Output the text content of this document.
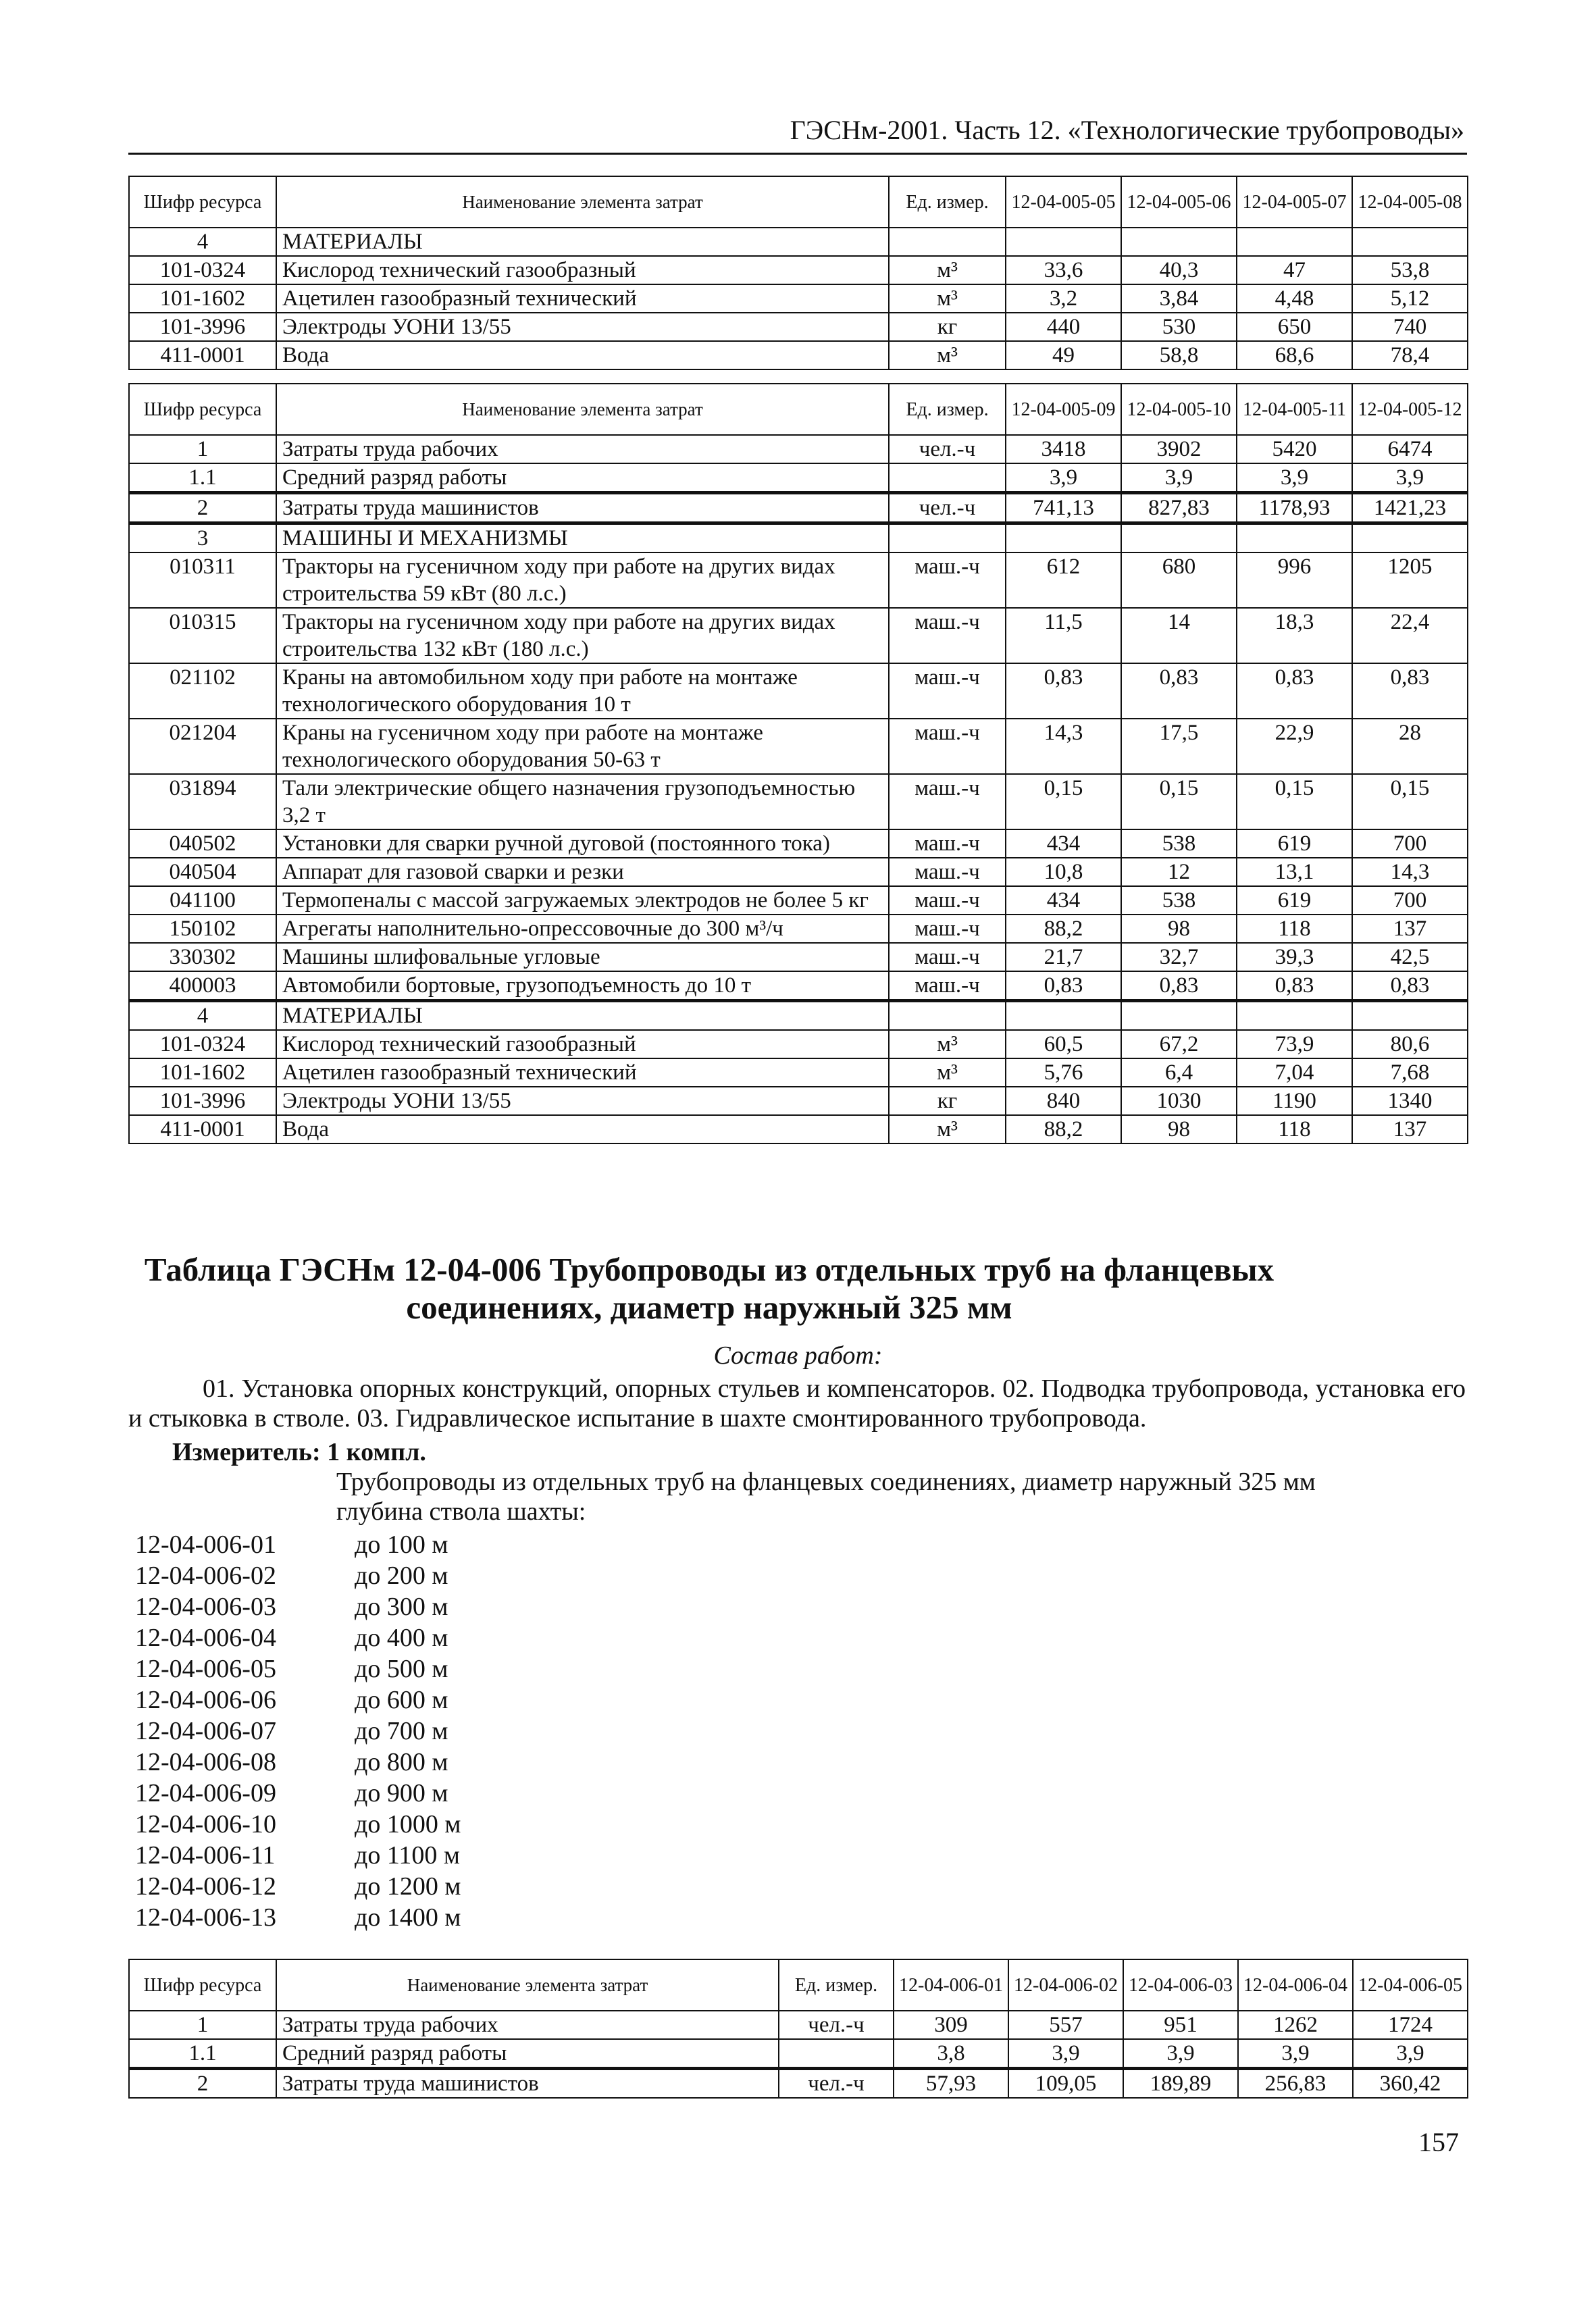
ГЭСНм-2001. Часть 12. «Технологические трубопроводы»
Шифр ресурса	Наименование элемента затрат	Ед. измер.	12-04-005-05	12-04-005-06	12-04-005-07	12-04-005-08
4	МАТЕРИАЛЫ					
101-0324	Кислород технический газообразный	м³	33,6	40,3	47	53,8
101-1602	Ацетилен газообразный технический	м³	3,2	3,84	4,48	5,12
101-3996	Электроды УОНИ 13/55	кг	440	530	650	740
411-0001	Вода	м³	49	58,8	68,6	78,4
Шифр ресурса	Наименование элемента затрат	Ед. измер.	12-04-005-09	12-04-005-10	12-04-005-11	12-04-005-12
1	Затраты труда рабочих	чел.-ч	3418	3902	5420	6474
1.1	Средний разряд работы		3,9	3,9	3,9	3,9
2	Затраты труда машинистов	чел.-ч	741,13	827,83	1178,93	1421,23
3	МАШИНЫ И МЕХАНИЗМЫ					
010311	Тракторы на гусеничном ходу при работе на других видах строительства 59 кВт (80 л.с.)	маш.-ч	612	680	996	1205
010315	Тракторы на гусеничном ходу при работе на других видах строительства 132 кВт (180 л.с.)	маш.-ч	11,5	14	18,3	22,4
021102	Краны на автомобильном ходу при работе на монтаже технологического оборудования 10 т	маш.-ч	0,83	0,83	0,83	0,83
021204	Краны на гусеничном ходу при работе на монтаже технологического оборудования 50-63 т	маш.-ч	14,3	17,5	22,9	28
031894	Тали электрические общего назначения грузоподъемностью 3,2 т	маш.-ч	0,15	0,15	0,15	0,15
040502	Установки для сварки ручной дуговой (постоянного тока)	маш.-ч	434	538	619	700
040504	Аппарат для газовой сварки и резки	маш.-ч	10,8	12	13,1	14,3
041100	Термопеналы с массой загружаемых электродов не более 5 кг	маш.-ч	434	538	619	700
150102	Агрегаты наполнительно-опрессовочные до 300 м³/ч	маш.-ч	88,2	98	118	137
330302	Машины шлифовальные угловые	маш.-ч	21,7	32,7	39,3	42,5
400003	Автомобили бортовые, грузоподъемность до 10 т	маш.-ч	0,83	0,83	0,83	0,83
4	МАТЕРИАЛЫ					
101-0324	Кислород технический газообразный	м³	60,5	67,2	73,9	80,6
101-1602	Ацетилен газообразный технический	м³	5,76	6,4	7,04	7,68
101-3996	Электроды УОНИ 13/55	кг	840	1030	1190	1340
411-0001	Вода	м³	88,2	98	118	137
Таблица ГЭСНм 12-04-006 Трубопроводы из отдельных труб на фланцевых
соединениях, диаметр наружный 325 мм
Состав работ:
01. Установка опорных конструкций, опорных стульев и компенсаторов. 02. Подводка трубопровода, установка его и стыковка в стволе. 03. Гидравлическое испытание в шахте смонтированного трубопровода.
Измеритель: 1 компл.
Трубопроводы из отдельных труб на фланцевых соединениях, диаметр наружный 325 мм
глубина ствола шахты:
12-04-006-01	до 100 м
12-04-006-02	до 200 м
12-04-006-03	до 300 м
12-04-006-04	до 400 м
12-04-006-05	до 500 м
12-04-006-06	до 600 м
12-04-006-07	до 700 м
12-04-006-08	до 800 м
12-04-006-09	до 900 м
12-04-006-10	до 1000 м
12-04-006-11	до 1100 м
12-04-006-12	до 1200 м
12-04-006-13	до 1400 м
Шифр ресурса	Наименование элемента затрат	Ед. измер.	12-04-006-01	12-04-006-02	12-04-006-03	12-04-006-04	12-04-006-05
1	Затраты труда рабочих	чел.-ч	309	557	951	1262	1724
1.1	Средний разряд работы		3,8	3,9	3,9	3,9	3,9
2	Затраты труда машинистов	чел.-ч	57,93	109,05	189,89	256,83	360,42
157
